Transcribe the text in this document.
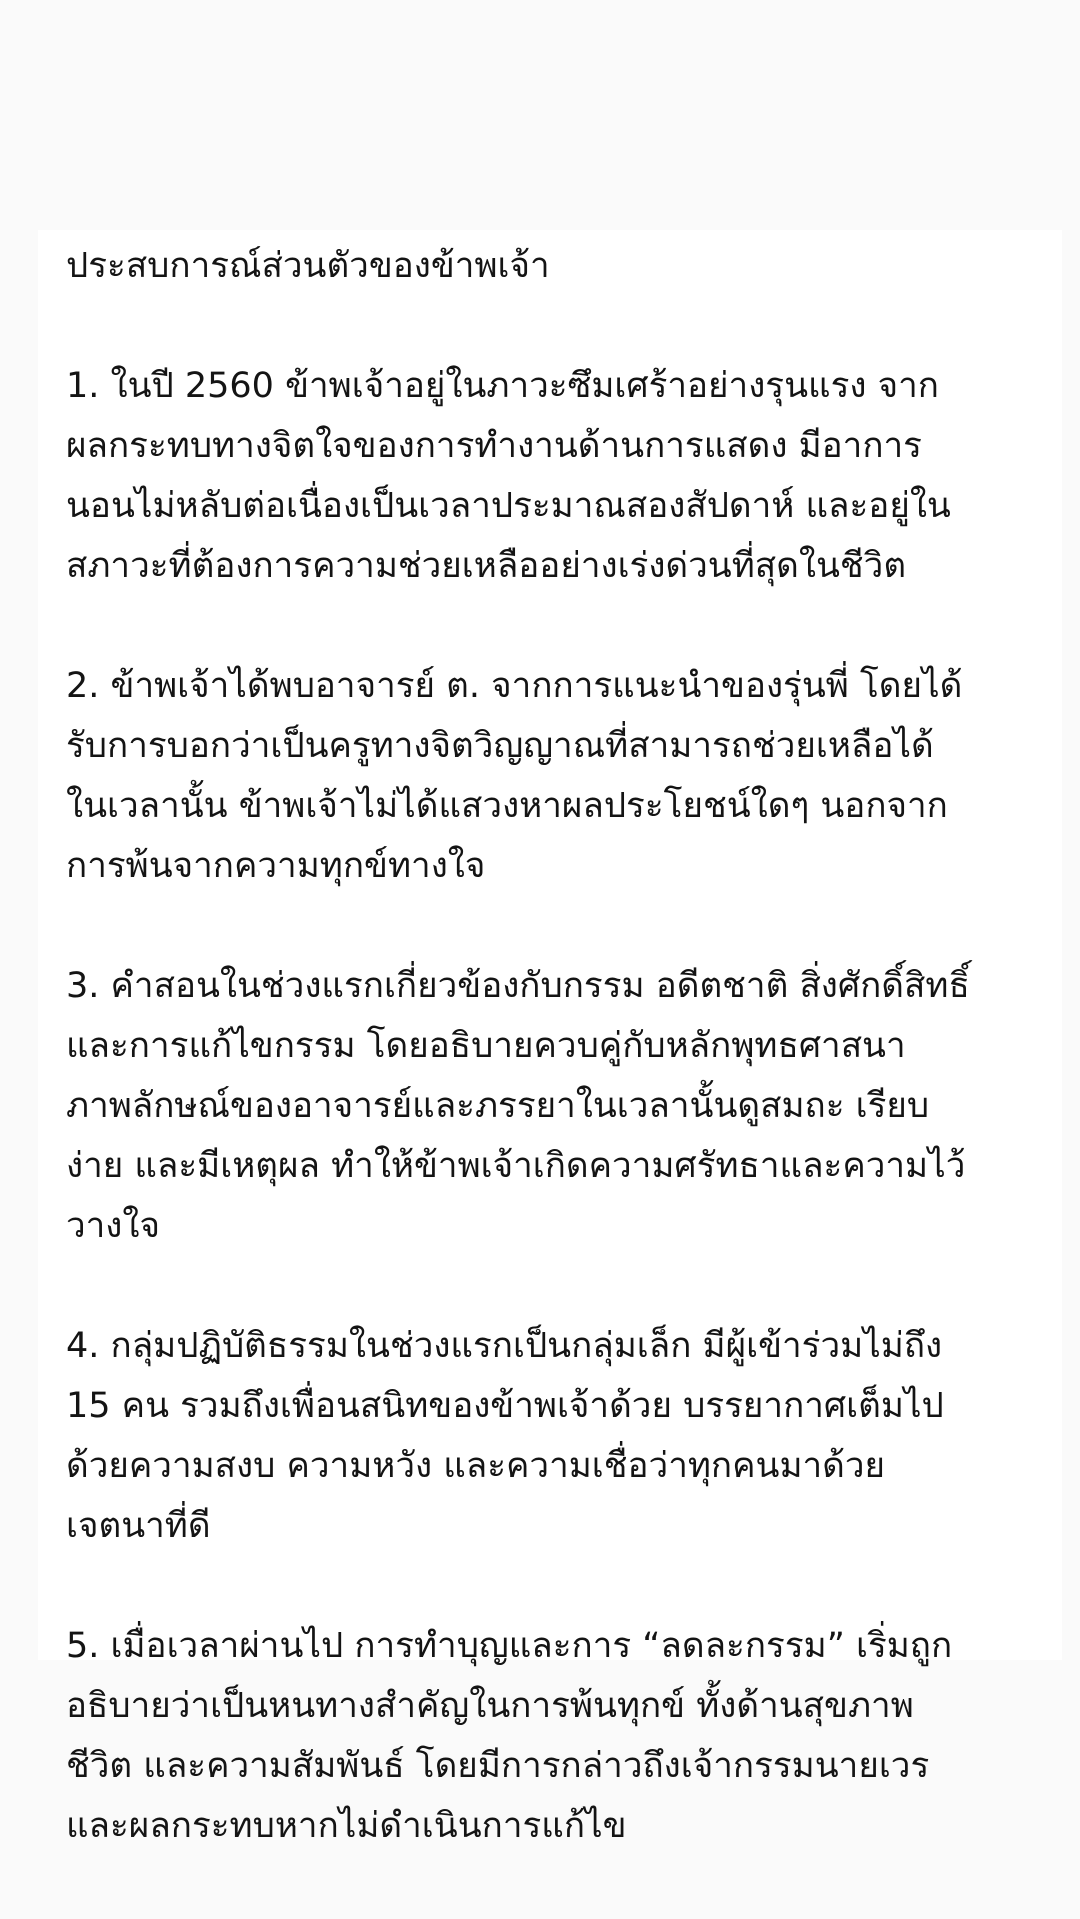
ประสบการณ์ส่วนตัวของข้าพเจ้า
1. ในปี 2560 ข้าพเจ้าอยู่ในภาวะซึมเศร้าอย่างรุนแรง จาก
ผลกระทบทางจิตใจของการทำงานด้านการแสดง มีอาการ
นอนไม่หลับต่อเนื่องเป็นเวลาประมาณสองสัปดาห์ และอยู่ใน
สภาวะที่ต้องการความช่วยเหลืออย่างเร่งด่วนที่สุดในชีวิต
2. ข้าพเจ้าได้พบอาจารย์ ต. จากการแนะนำของรุ่นพี่ โดยได้
รับการบอกว่าเป็นครูทางจิตวิญญาณที่สามารถช่วยเหลือได้
ในเวลานั้น ข้าพเจ้าไม่ได้แสวงหาผลประโยชน์ใดๆ นอกจาก
การพ้นจากความทุกข์ทางใจ
3. คำสอนในช่วงแรกเกี่ยวข้องกับกรรม อดีตชาติ สิ่งศักดิ์สิทธิ์
และการแก้ไขกรรม โดยอธิบายควบคู่กับหลักพุทธศาสนา
ภาพลักษณ์ของอาจารย์และภรรยาในเวลานั้นดูสมถะ เรียบ
ง่าย และมีเหตุผล ทำให้ข้าพเจ้าเกิดความศรัทธาและความไว้
วางใจ
4. กลุ่มปฏิบัติธรรมในช่วงแรกเป็นกลุ่มเล็ก มีผู้เข้าร่วมไม่ถึง
15 คน รวมถึงเพื่อนสนิทของข้าพเจ้าด้วย บรรยากาศเต็มไป
ด้วยความสงบ ความหวัง และความเชื่อว่าทุกคนมาด้วย
เจตนาที่ดี
5. เมื่อเวลาผ่านไป การทำบุญและการ “ลดละกรรม” เริ่มถูก
อธิบายว่าเป็นหนทางสำคัญในการพ้นทุกข์ ทั้งด้านสุขภาพ
ชีวิต และความสัมพันธ์ โดยมีการกล่าวถึงเจ้ากรรมนายเวร
และผลกระทบหากไม่ดำเนินการแก้ไข
